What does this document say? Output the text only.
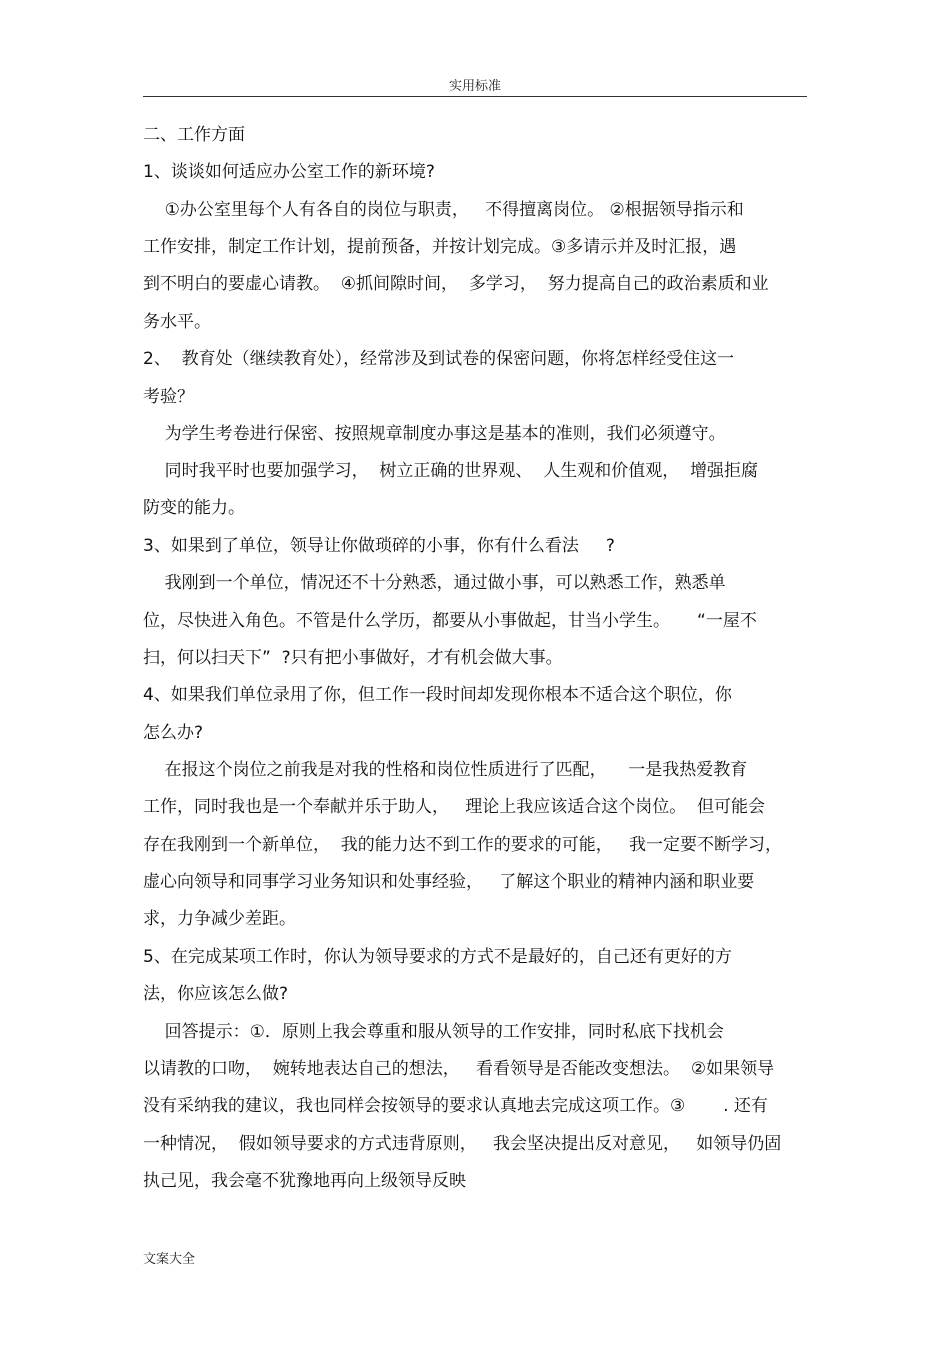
实用标准
二、工作方面
1、谈谈如何适应办公室工作的新环境?
①办公室里每个人有各自的岗位与职责，   不得擅离岗位。 ②根据领导指示和
工作安排，制定工作计划，提前预备，并按计划完成。③多请示并及时汇报，遇
到不明白的要虚心请教。  ④抓间隙时间，  多学习，  努力提高自己的政治素质和业
务水平。
2、  教育处（继续教育处），经常涉及到试卷的保密问题，你将怎样经受住这一
考验？
为学生考卷进行保密、按照规章制度办事这是基本的准则，我们必须遵守。
同时我平时也要加强学习，  树立正确的世界观、  人生观和价值观，  增强拒腐
防变的能力。
3、如果到了单位，领导让你做琐碎的小事，你有什么看法     ?
我刚到一个单位，情况还不十分熟悉，通过做小事，可以熟悉工作，熟悉单
位，尽快进入角色。不管是什么学历，都要从小事做起，甘当小学生。     “一屋不
扫，何以扫天下”  ?只有把小事做好，才有机会做大事。
4、如果我们单位录用了你，但工作一段时间却发现你根本不适合这个职位，你
怎么办?
在报这个岗位之前我是对我的性格和岗位性质进行了匹配，    一是我热爱教育
工作，同时我也是一个奉献并乐于助人，   理论上我应该适合这个岗位。  但可能会
存在我刚到一个新单位，  我的能力达不到工作的要求的可能，   我一定要不断学习，
虚心向领导和同事学习业务知识和处事经验，   了解这个职业的精神内涵和职业要
求，力争减少差距。
5、在完成某项工作时，你认为领导要求的方式不是最好的，自己还有更好的方
法，你应该怎么做?
回答提示：①．原则上我会尊重和服从领导的工作安排，同时私底下找机会
以请教的口吻，  婉转地表达自己的想法，   看看领导是否能改变想法。  ②如果领导
没有采纳我的建议，我也同样会按领导的要求认真地去完成这项工作。③       . 还有
一种情况，  假如领导要求的方式违背原则，   我会坚决提出反对意见，   如领导仍固
执己见，我会毫不犹豫地再向上级领导反映
文案大全
